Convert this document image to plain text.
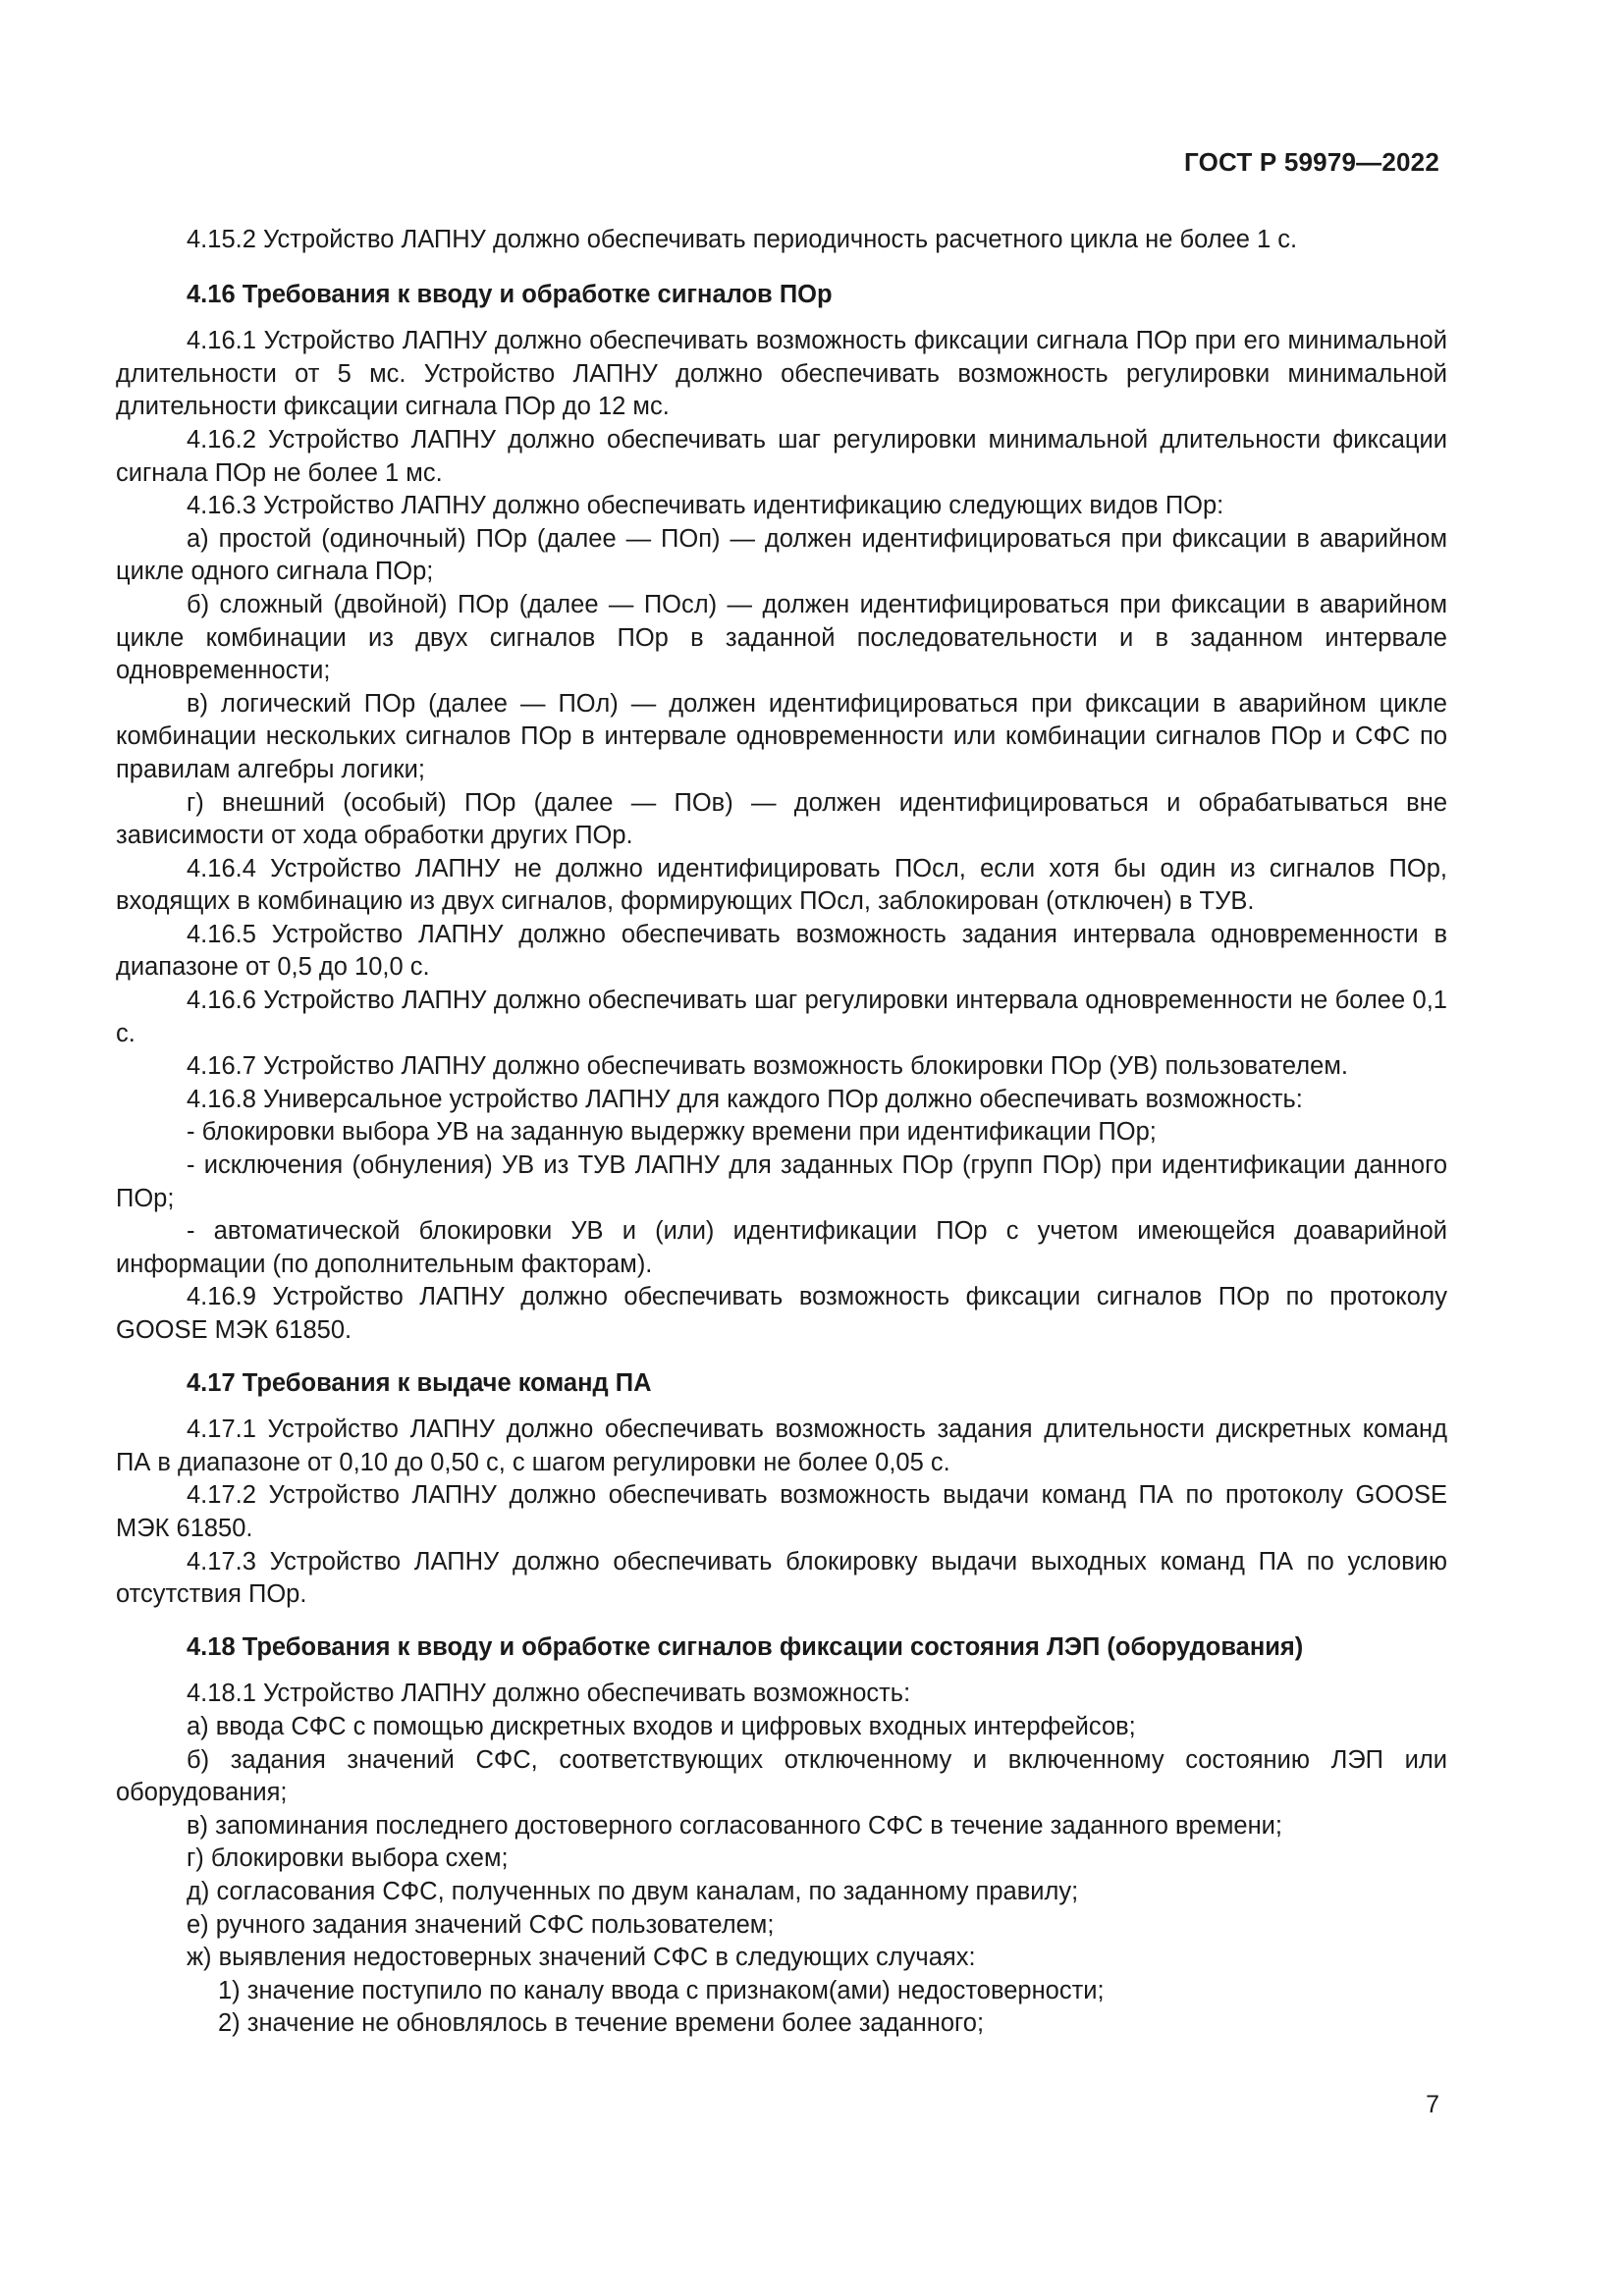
ГОСТ Р 59979—2022

4.15.2 Устройство ЛАПНУ должно обеспечивать периодичность расчетного цикла не более 1 с.

4.16 Требования к вводу и обработке сигналов ПОр

4.16.1 Устройство ЛАПНУ должно обеспечивать возможность фиксации сигнала ПОр при его минимальной длительности от 5 мс. Устройство ЛАПНУ должно обеспечивать возможность регулировки минимальной длительности фиксации сигнала ПОр до 12 мс.

4.16.2 Устройство ЛАПНУ должно обеспечивать шаг регулировки минимальной длительности фиксации сигнала ПОр не более 1 мс.

4.16.3 Устройство ЛАПНУ должно обеспечивать идентификацию следующих видов ПОр:

а) простой (одиночный) ПОр (далее — ПОп) — должен идентифицироваться при фиксации в аварийном цикле одного сигнала ПОр;

б) сложный (двойной) ПОр (далее — ПОсл) — должен идентифицироваться при фиксации в аварийном цикле комбинации из двух сигналов ПОр в заданной последовательности и в заданном интервале одновременности;

в) логический ПОр (далее — ПОл) — должен идентифицироваться при фиксации в аварийном цикле комбинации нескольких сигналов ПОр в интервале одновременности или комбинации сигналов ПОр и СФС по правилам алгебры логики;

г) внешний (особый) ПОр (далее — ПОв) — должен идентифицироваться и обрабатываться вне зависимости от хода обработки других ПОр.

4.16.4 Устройство ЛАПНУ не должно идентифицировать ПОсл, если хотя бы один из сигналов ПОр, входящих в комбинацию из двух сигналов, формирующих ПОсл, заблокирован (отключен) в ТУВ.

4.16.5 Устройство ЛАПНУ должно обеспечивать возможность задания интервала одновременности в диапазоне от 0,5 до 10,0 с.

4.16.6 Устройство ЛАПНУ должно обеспечивать шаг регулировки интервала одновременности не более 0,1 с.

4.16.7 Устройство ЛАПНУ должно обеспечивать возможность блокировки ПОр (УВ) пользователем.

4.16.8 Универсальное устройство ЛАПНУ для каждого ПОр должно обеспечивать возможность:

- блокировки выбора УВ на заданную выдержку времени при идентификации ПОр;

- исключения (обнуления) УВ из ТУВ ЛАПНУ для заданных ПОр (групп ПОр) при идентификации данного ПОр;

- автоматической блокировки УВ и (или) идентификации ПОр с учетом имеющейся доаварийной информации (по дополнительным факторам).

4.16.9 Устройство ЛАПНУ должно обеспечивать возможность фиксации сигналов ПОр по протоколу GOOSE МЭК 61850.

4.17 Требования к выдаче команд ПА

4.17.1 Устройство ЛАПНУ должно обеспечивать возможность задания длительности дискретных команд ПА в диапазоне от 0,10 до 0,50 с, с шагом регулировки не более 0,05 с.

4.17.2 Устройство ЛАПНУ должно обеспечивать возможность выдачи команд ПА по протоколу GOOSE МЭК 61850.

4.17.3 Устройство ЛАПНУ должно обеспечивать блокировку выдачи выходных команд ПА по условию отсутствия ПОр.

4.18 Требования к вводу и обработке сигналов фиксации состояния ЛЭП (оборудования)

4.18.1 Устройство ЛАПНУ должно обеспечивать возможность:

а) ввода СФС с помощью дискретных входов и цифровых входных интерфейсов;

б) задания значений СФС, соответствующих отключенному и включенному состоянию ЛЭП или оборудования;

в) запоминания последнего достоверного согласованного СФС в течение заданного времени;

г) блокировки выбора схем;

д) согласования СФС, полученных по двум каналам, по заданному правилу;

е) ручного задания значений СФС пользователем;

ж) выявления недостоверных значений СФС в следующих случаях:

1) значение поступило по каналу ввода с признаком(ами) недостоверности;

2) значение не обновлялось в течение времени более заданного;

7
